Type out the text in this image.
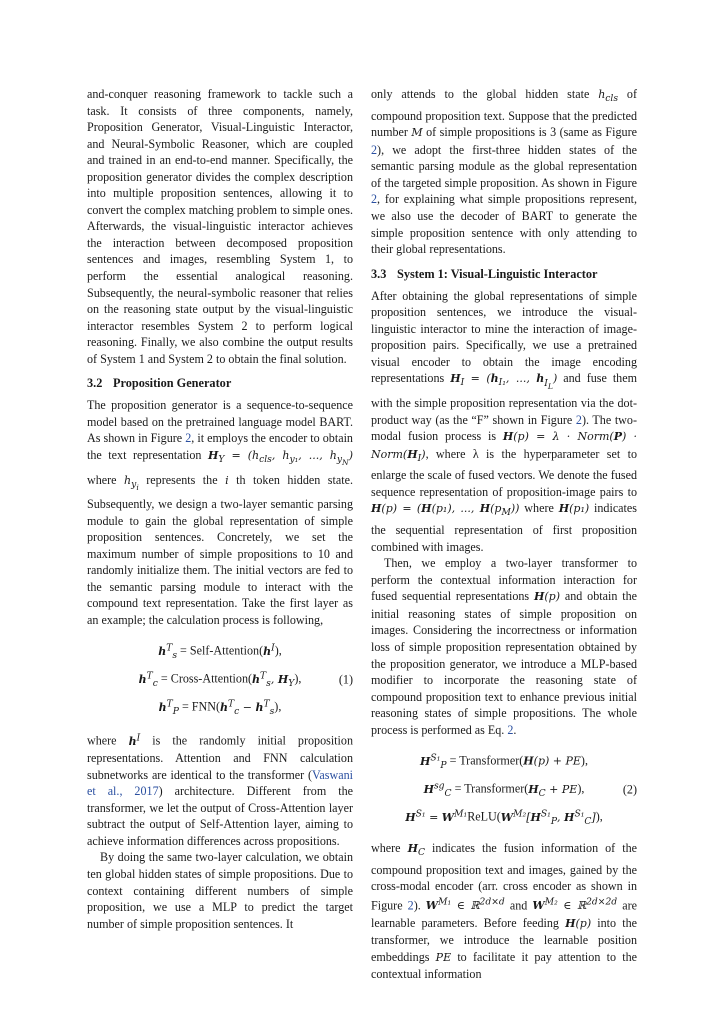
and-conquer reasoning framework to tackle such a task. It consists of three components, namely, Proposition Generator, Visual-Linguistic Interactor, and Neural-Symbolic Reasoner, which are coupled and trained in an end-to-end manner. Specifically, the proposition generator divides the complex description into multiple proposition sentences, allowing it to convert the complex matching problem to simple ones. Afterwards, the visual-linguistic interactor achieves the interaction between decomposed proposition sentences and images, resembling System 1, to perform the essential analogical reasoning. Subsequently, the neural-symbolic reasoner that relies on the reasoning state output by the visual-linguistic interactor resembles System 2 to perform logical reasoning. Finally, we also combine the output results of System 1 and System 2 to obtain the final solution.

3.2 Proposition Generator

The proposition generator is a sequence-to-sequence model based on the pretrained language model BART. As shown in Figure 2, it employs the encoder to obtain the text representation $H_Y = (h_{cls}$, $h_{y_1}$, ..., $h_{y_N}$) where $h_{y_i}$ represents the i th token hidden state. Subsequently, we design a two-layer semantic parsing module to gain the global representation of simple proposition sentences. Concretely, we set the maximum number of simple propositions to 10 and randomly initialize them. The initial vectors are fed to the semantic parsing module to interact with the compound text representation. Take the first layer as an example; the calculation process is following,

$h^T_s$ = Self-$Attention(h^I)$,
$h^T_c$ = Cross-$Attention(h^T_s$, $H_Y$),
$h^T_P = FNN(h^T_c - h^T_s)$,
(1)

where $h^I$ is the randomly initial proposition representations. Attention and FNN calculation subnetworks are identical to the transformer (Vaswani et al., 2017) architecture. Different from the transformer, we let the output of Cross-Attention layer subtract the output of Self-Attention layer, aiming to achieve information differences across propositions.

By doing the same two-layer calculation, we obtain ten global hidden states of simple propositions. Due to context containing different numbers of simple proposition, we use a MLP to predict the target number of simple proposition sentences. It

only attends to the global hidden state $h_{cls}$ of compound proposition text. Suppose that the predicted number M of simple propositions is 3 (same as Figure 2), we adopt the first-three hidden states of the semantic parsing module as the global representation of the targeted simple proposition. As shown in Figure 2, for explaining what simple propositions represent, we also use the decoder of BART to generate the simple proposition sentence with only attending to their global representations.

3.3 System 1: Visual-Linguistic Interactor

After obtaining the global representations of simple proposition sentences, we introduce the visual-linguistic interactor to mine the interaction of image-proposition pairs. Specifically, we use a pretrained visual encoder to obtain the image encoding representations $H_I = (h_{I_1}$, ..., $h_{I_L}$) and fuse them with the simple proposition representation via the dot-product way (as the “F” shown in Figure 2). The two-modal fusion process is H(p) = λ · Norm(P) · $Norm(H_I)$, where λ is the hyperparameter set to enlarge the scale of fused vectors. We denote the fused sequence representation of proposition-image pairs to H(p) = (H(p₁), ..., $H(p_M)$) where H(p₁) indicates the sequential representation of first proposition combined with images.

Then, we employ a two-layer transformer to perform the contextual information interaction for fused sequential representations H(p) and obtain the initial reasoning states of simple proposition on images. Considering the incorrectness or information loss of simple proposition representation obtained by the proposition generator, we introduce a MLP-based modifier to incorporate the reasoning state of compound proposition text to enhance previous initial reasoning states of simple propositions. The whole process is performed as Eq. 2.

$H^{S_1}_P$ = Transformer(H(p) + PE),
$H^{sg}_C$ = $Transformer(H_C + PE)$,
$H^{S_1}$ = $W^{M_1}ReLU(W^{M_2}[H^{S_1}_P$, $H^{S_1}_C$]),
(2)

where $H_C$ indicates the fusion information of the compound proposition text and images, gained by the cross-modal encoder (arr. cross encoder as shown in Figure 2). $W^{M_1}$ ∈ ℝ$^{2d\times d}$ and $W^{M_2}$ ∈ ℝ$^{2d\times 2d}$ are learnable parameters. Before feeding H(p) into the transformer, we introduce the learnable position embeddings PE to facilitate it pay attention to the contextual information
